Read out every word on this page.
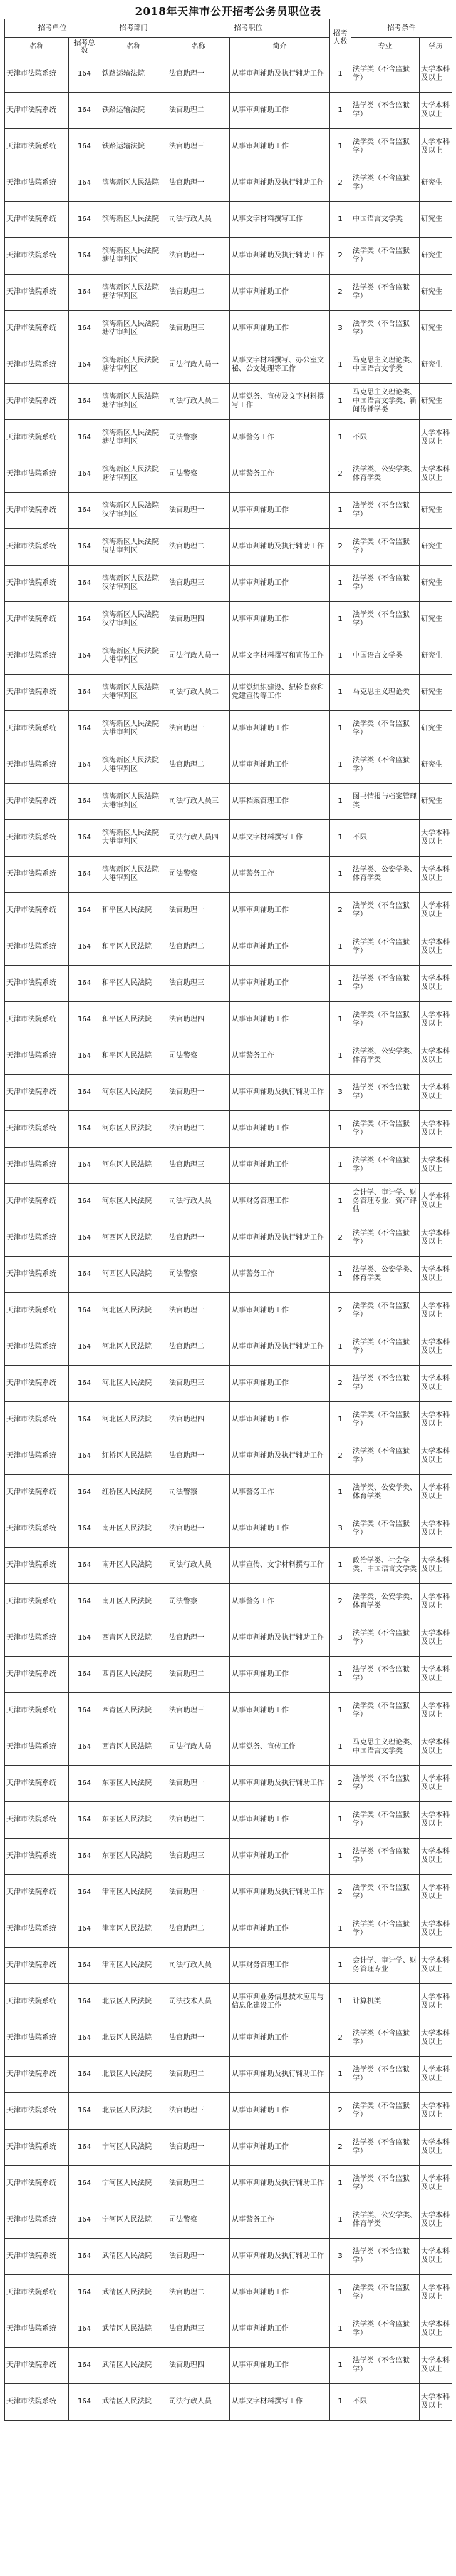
2018年天津市公开招考公务员职位表
招考单位		招考部门	招考职位		招考人数	招考条件	
名称	招考总数	名称	名称	简介		专业	学历
天津市法院系统	164	铁路运输法院	法官助理一	从事审判辅助及执行辅助工作	1	法学类（不含监狱学）	大学本科及以上
天津市法院系统	164	铁路运输法院	法官助理二	从事审判辅助工作	1	法学类（不含监狱学）	大学本科及以上
天津市法院系统	164	铁路运输法院	法官助理三	从事审判辅助工作	1	法学类（不含监狱学）	大学本科及以上
天津市法院系统	164	滨海新区人民法院	法官助理一	从事审判辅助及执行辅助工作	2	法学类（不含监狱学）	研究生
天津市法院系统	164	滨海新区人民法院	司法行政人员	从事文字材料撰写工作	1	中国语言文学类	研究生
天津市法院系统	164	滨海新区人民法院塘沽审判区	法官助理一	从事审判辅助及执行辅助工作	2	法学类（不含监狱学）	研究生
天津市法院系统	164	滨海新区人民法院塘沽审判区	法官助理二	从事审判辅助工作	2	法学类（不含监狱学）	研究生
天津市法院系统	164	滨海新区人民法院塘沽审判区	法官助理三	从事审判辅助工作	3	法学类（不含监狱学）	研究生
天津市法院系统	164	滨海新区人民法院塘沽审判区	司法行政人员一	从事文字材料撰写、办公室文秘、公文处理等工作	1	马克思主义理论类、中国语言文学类	研究生
天津市法院系统	164	滨海新区人民法院塘沽审判区	司法行政人员二	从事党务、宣传及文字材料撰写工作	1	马克思主义理论类、中国语言文学类、新闻传播学类	研究生
天津市法院系统	164	滨海新区人民法院塘沽审判区	司法警察	从事警务工作	1	不限	大学本科及以上
天津市法院系统	164	滨海新区人民法院塘沽审判区	司法警察	从事警务工作	2	法学类、公安学类、体育学类	大学本科及以上
天津市法院系统	164	滨海新区人民法院汉沽审判区	法官助理一	从事审判辅助工作	1	法学类（不含监狱学）	研究生
天津市法院系统	164	滨海新区人民法院汉沽审判区	法官助理二	从事审判辅助及执行辅助工作	2	法学类（不含监狱学）	研究生
天津市法院系统	164	滨海新区人民法院汉沽审判区	法官助理三	从事审判辅助工作	1	法学类（不含监狱学）	研究生
天津市法院系统	164	滨海新区人民法院汉沽审判区	法官助理四	从事审判辅助工作	1	法学类（不含监狱学）	研究生
天津市法院系统	164	滨海新区人民法院大港审判区	司法行政人员一	从事文字材料撰写和宣传工作	1	中国语言文学类	研究生
天津市法院系统	164	滨海新区人民法院大港审判区	司法行政人员二	从事党组织建设、纪检监察和党建宣传等工作	1	马克思主义理论类	研究生
天津市法院系统	164	滨海新区人民法院大港审判区	法官助理一	从事审判辅助工作	1	法学类（不含监狱学）	研究生
天津市法院系统	164	滨海新区人民法院大港审判区	法官助理二	从事审判辅助工作	1	法学类（不含监狱学）	研究生
天津市法院系统	164	滨海新区人民法院大港审判区	司法行政人员三	从事档案管理工作	1	图书情报与档案管理类	研究生
天津市法院系统	164	滨海新区人民法院大港审判区	司法行政人员四	从事文字材料撰写工作	1	不限	大学本科及以上
天津市法院系统	164	滨海新区人民法院大港审判区	司法警察	从事警务工作	1	法学类、公安学类、体育学类	大学本科及以上
天津市法院系统	164	和平区人民法院	法官助理一	从事审判辅助工作	2	法学类（不含监狱学）	大学本科及以上
天津市法院系统	164	和平区人民法院	法官助理二	从事审判辅助工作	1	法学类（不含监狱学）	大学本科及以上
天津市法院系统	164	和平区人民法院	法官助理三	从事审判辅助工作	1	法学类（不含监狱学）	大学本科及以上
天津市法院系统	164	和平区人民法院	法官助理四	从事审判辅助工作	1	法学类（不含监狱学）	大学本科及以上
天津市法院系统	164	和平区人民法院	司法警察	从事警务工作	1	法学类、公安学类、体育学类	大学本科及以上
天津市法院系统	164	河东区人民法院	法官助理一	从事审判辅助及执行辅助工作	3	法学类（不含监狱学）	大学本科及以上
天津市法院系统	164	河东区人民法院	法官助理二	从事审判辅助工作	1	法学类（不含监狱学）	大学本科及以上
天津市法院系统	164	河东区人民法院	法官助理三	从事审判辅助工作	1	法学类（不含监狱学）	大学本科及以上
天津市法院系统	164	河东区人民法院	司法行政人员	从事财务管理工作	1	会计学、审计学、财务管理专业、资产评估	大学本科及以上
天津市法院系统	164	河西区人民法院	法官助理一	从事审判辅助及执行辅助工作	2	法学类（不含监狱学）	大学本科及以上
天津市法院系统	164	河西区人民法院	司法警察	从事警务工作	1	法学类、公安学类、体育学类	大学本科及以上
天津市法院系统	164	河北区人民法院	法官助理一	从事审判辅助工作	2	法学类（不含监狱学）	大学本科及以上
天津市法院系统	164	河北区人民法院	法官助理二	从事审判辅助及执行辅助工作	1	法学类（不含监狱学）	大学本科及以上
天津市法院系统	164	河北区人民法院	法官助理三	从事审判辅助工作	2	法学类（不含监狱学）	大学本科及以上
天津市法院系统	164	河北区人民法院	法官助理四	从事审判辅助工作	1	法学类（不含监狱学）	大学本科及以上
天津市法院系统	164	红桥区人民法院	法官助理一	从事审判辅助及执行辅助工作	2	法学类（不含监狱学）	大学本科及以上
天津市法院系统	164	红桥区人民法院	司法警察	从事警务工作	1	法学类、公安学类、体育学类	大学本科及以上
天津市法院系统	164	南开区人民法院	法官助理一	从事审判辅助工作	3	法学类（不含监狱学）	大学本科及以上
天津市法院系统	164	南开区人民法院	司法行政人员	从事宣传、文字材料撰写工作	1	政治学类、社会学类、中国语言文学类	大学本科及以上
天津市法院系统	164	南开区人民法院	司法警察	从事警务工作	2	法学类、公安学类、体育学类	大学本科及以上
天津市法院系统	164	西青区人民法院	法官助理一	从事审判辅助及执行辅助工作	3	法学类（不含监狱学）	大学本科及以上
天津市法院系统	164	西青区人民法院	法官助理二	从事审判辅助工作	1	法学类（不含监狱学）	大学本科及以上
天津市法院系统	164	西青区人民法院	法官助理三	从事审判辅助工作	1	法学类（不含监狱学）	大学本科及以上
天津市法院系统	164	西青区人民法院	司法行政人员	从事党务、宣传工作	1	马克思主义理论类、中国语言文学类	大学本科及以上
天津市法院系统	164	东丽区人民法院	法官助理一	从事审判辅助及执行辅助工作	2	法学类（不含监狱学）	大学本科及以上
天津市法院系统	164	东丽区人民法院	法官助理二	从事审判辅助工作	1	法学类（不含监狱学）	大学本科及以上
天津市法院系统	164	东丽区人民法院	法官助理三	从事审判辅助工作	1	法学类（不含监狱学）	大学本科及以上
天津市法院系统	164	津南区人民法院	法官助理一	从事审判辅助及执行辅助工作	2	法学类（不含监狱学）	大学本科及以上
天津市法院系统	164	津南区人民法院	法官助理二	从事审判辅助工作	1	法学类（不含监狱学）	大学本科及以上
天津市法院系统	164	津南区人民法院	司法行政人员	从事财务管理工作	1	会计学、审计学、财务管理专业	大学本科及以上
天津市法院系统	164	北辰区人民法院	司法技术人员	从事审判业务信息技术应用与信息化建设工作	1	计算机类	大学本科及以上
天津市法院系统	164	北辰区人民法院	法官助理一	从事审判辅助工作	2	法学类（不含监狱学）	大学本科及以上
天津市法院系统	164	北辰区人民法院	法官助理二	从事审判辅助及执行辅助工作	1	法学类（不含监狱学）	大学本科及以上
天津市法院系统	164	北辰区人民法院	法官助理三	从事审判辅助工作	2	法学类（不含监狱学）	大学本科及以上
天津市法院系统	164	宁河区人民法院	法官助理一	从事审判辅助工作	2	法学类（不含监狱学）	大学本科及以上
天津市法院系统	164	宁河区人民法院	法官助理二	从事审判辅助及执行辅助工作	1	法学类（不含监狱学）	大学本科及以上
天津市法院系统	164	宁河区人民法院	司法警察	从事警务工作	1	法学类、公安学类、体育学类	大学本科及以上
天津市法院系统	164	武清区人民法院	法官助理一	从事审判辅助及执行辅助工作	3	法学类（不含监狱学）	大学本科及以上
天津市法院系统	164	武清区人民法院	法官助理二	从事审判辅助工作	1	法学类（不含监狱学）	大学本科及以上
天津市法院系统	164	武清区人民法院	法官助理三	从事审判辅助工作	1	法学类（不含监狱学）	大学本科及以上
天津市法院系统	164	武清区人民法院	法官助理四	从事审判辅助工作	1	法学类（不含监狱学）	大学本科及以上
天津市法院系统	164	武清区人民法院	司法行政人员	从事文字材料撰写工作	1	不限	大学本科及以上
